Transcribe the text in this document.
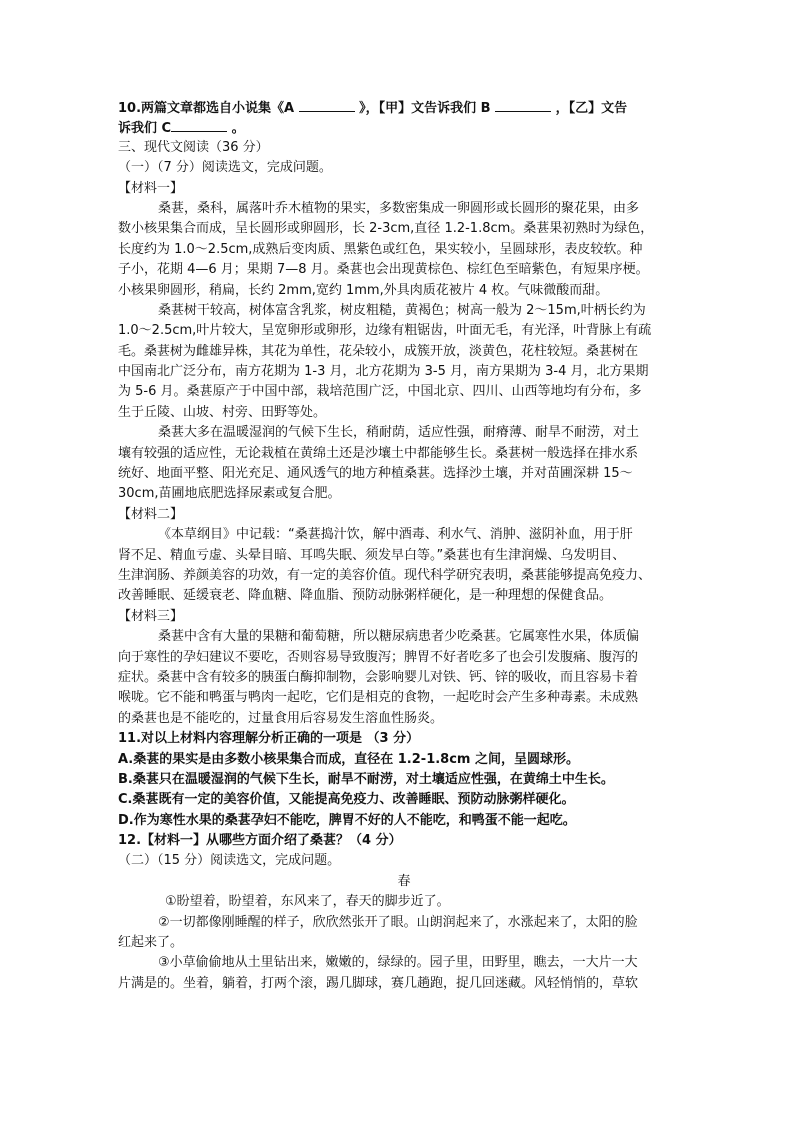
10.两篇文章都选自小说集《A	》，【甲】文告诉我们 B	，【乙】文告
诉我们 C	。
三、现代文阅读（36 分）
（一）（7 分）阅读选文，完成问题。
【材料一】
桑葚，桑科，属落叶乔木植物的果实，多数密集成一卵圆形或长圆形的聚花果，由多
数小核果集合而成，呈长圆形或卵圆形，长 2-3cm,直径 1.2-1.8cm。桑葚果初熟时为绿色，
长度约为 1.0～2.5cm,成熟后变肉质、黑紫色或红色，果实较小，呈圆球形，表皮较软。种
子小，花期 4—6 月；果期 7—8 月。桑葚也会出现黄棕色、棕红色至暗紫色，有短果序梗。
小核果卵圆形，稍扁，长约 2mm,宽约 1mm,外具肉质花被片 4 枚。气味微酸而甜。
桑葚树干较高，树体富含乳浆，树皮粗糙，黄褐色；树高一般为 2～15m,叶柄长约为
1.0～2.5cm,叶片较大，呈宽卵形或卵形，边缘有粗锯齿，叶面无毛，有光泽，叶背脉上有疏
毛。桑葚树为雌雄异株，其花为单性，花朵较小，成簇开放，淡黄色，花柱较短。桑葚树在
中国南北广泛分布，南方花期为 1-3 月，北方花期为 3-5 月，南方果期为 3-4 月，北方果期
为 5-6 月。桑葚原产于中国中部，栽培范围广泛，中国北京、四川、山西等地均有分布，多
生于丘陵、山坡、村旁、田野等处。
桑葚大多在温暖湿润的气候下生长，稍耐荫，适应性强，耐瘠薄、耐旱不耐涝，对土
壤有较强的适应性，无论栽植在黄绵土还是沙壤土中都能够生长。桑葚树一般选择在排水系
统好、地面平整、阳光充足、通风透气的地方种植桑葚。选择沙土壤，并对苗圃深耕 15～
30cm,苗圃地底肥选择尿素或复合肥。
【材料二】
《本草纲目》中记载：“桑葚捣汁饮，解中酒毒、利水气、消肿、滋阴补血，用于肝
肾不足、精血亏虚、头晕目暗、耳鸣失眠、须发早白等。”桑葚也有生津润燥、乌发明目、
生津润肠、养颜美容的功效，有一定的美容价值。现代科学研究表明，桑葚能够提高免疫力、
改善睡眠、延缓衰老、降血糖、降血脂、预防动脉粥样硬化，是一种理想的保健食品。
【材料三】
桑葚中含有大量的果糖和葡萄糖，所以糖尿病患者少吃桑葚。它属寒性水果，体质偏
向于寒性的孕妇建议不要吃，否则容易导致腹泻；脾胃不好者吃多了也会引发腹痛、腹泻的
症状。桑葚中含有较多的胰蛋白酶抑制物，会影响婴儿对铁、钙、锌的吸收，而且容易卡着
喉咙。它不能和鸭蛋与鸭肉一起吃，它们是相克的食物，一起吃时会产生多种毒素。未成熟
的桑葚也是不能吃的，过量食用后容易发生溶血性肠炎。
11.对以上材料内容理解分析正确的一项是 （3 分）
A.桑葚的果实是由多数小核果集合而成，直径在 1.2-1.8cm 之间，呈圆球形。
B.桑葚只在温暖湿润的气候下生长，耐旱不耐涝，对土壤适应性强，在黄绵土中生长。
C.桑葚既有一定的美容价值，又能提高免疫力、改善睡眠、预防动脉粥样硬化。
D.作为寒性水果的桑葚孕妇不能吃，脾胃不好的人不能吃，和鸭蛋不能一起吃。
12.【材料一】从哪些方面介绍了桑葚？（4 分）
（二）（15 分）阅读选文，完成问题。
春
①盼望着，盼望着，东风来了，春天的脚步近了。
②一切都像刚睡醒的样子，欣欣然张开了眼。山朗润起来了，水涨起来了，太阳的脸
红起来了。
③小草偷偷地从土里钻出来，嫩嫩的，绿绿的。园子里，田野里，瞧去，一大片一大
片满是的。坐着，躺着，打两个滚，踢几脚球，赛几趟跑，捉几回迷藏。风轻悄悄的，草软
